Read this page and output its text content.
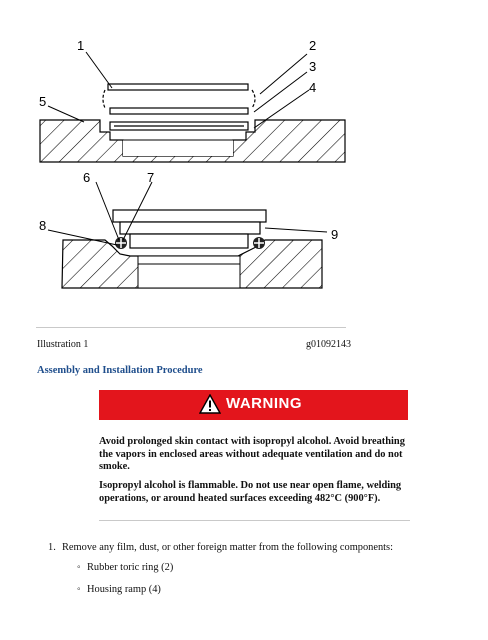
1	2
3
4
5
6	7
8
9
Illustration 1	g01092143
Assembly and Installation Procedure
WARNING
Avoid prolonged skin contact with isopropyl alcohol. Avoid breathing the vapors in enclosed areas without adequate ventilation and do not smoke.
Isopropyl alcohol is flammable. Do not use near open flame, welding operations, or around heated surfaces exceeding 482°C (900°F).
1. Remove any film, dust, or other foreign matter from the following components:
◦ Rubber toric ring (2)
◦ Housing ramp (4)
